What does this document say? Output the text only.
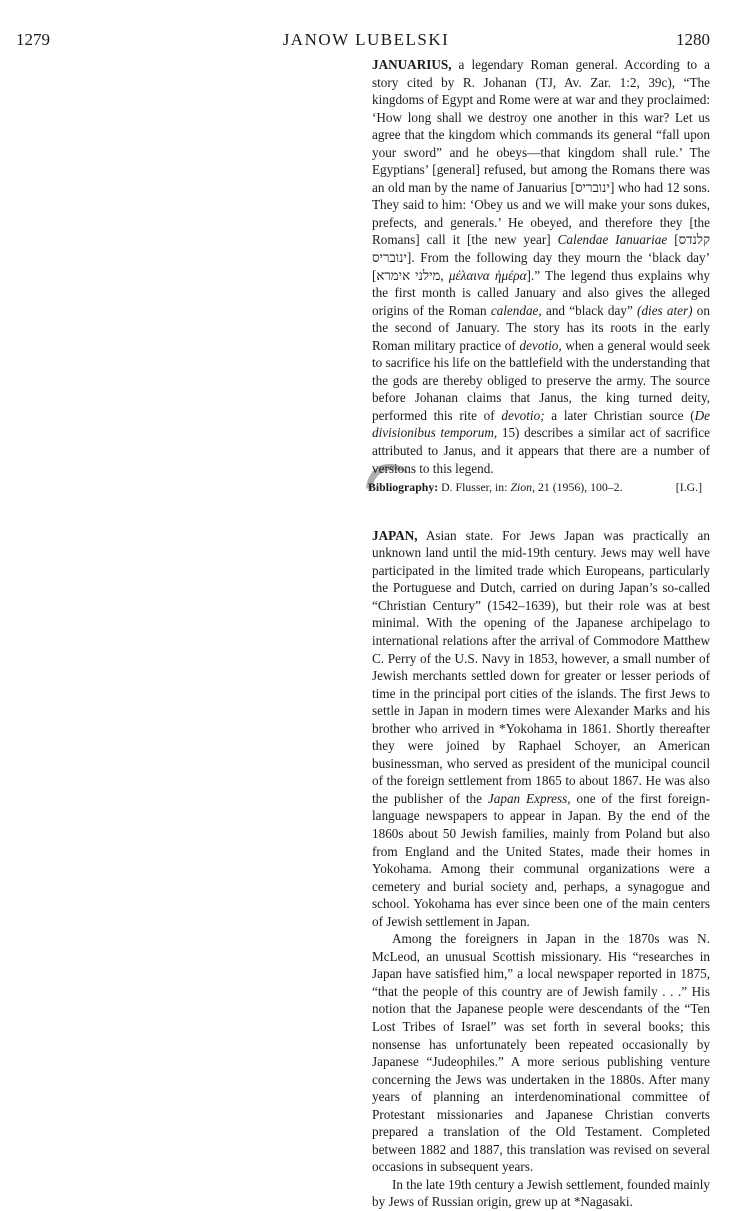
1279	JANOW LUBELSKI	1280

JANUARIUS, a legendary Roman general. According to a story cited by R. Johanan (TJ, Av. Zar. 1:2, 39c), “The kingdoms of Egypt and Rome were at war and they proclaimed: ‘How long shall we destroy one another in this war? Let us agree that the kingdom which commands its general “fall upon your sword” and he obeys—that kingdom shall rule.’ The Egyptians’ [general] refused, but among the Romans there was an old man by the name of Januarius [ינובריס] who had 12 sons. They said to him: ‘Obey us and we will make your sons dukes, prefects, and generals.’ He obeyed, and therefore they [the Romans] call it [the new year] Calendae Ianuariae [קלנדס ינובריס]. From the following day they mourn the ‘black day’ [מילני אימרא, μέλαινα ἡμέρα].” The legend thus explains why the first month is called January and also gives the alleged origins of the Roman calendae, and “black day” (dies ater) on the second of January. The story has its roots in the early Roman military practice of devotio, when a general would seek to sacrifice his life on the battlefield with the understanding that the gods are thereby obliged to preserve the army. The source before Johanan claims that Janus, the king turned deity, performed this rite of devotio; a later Christian source (De divisionibus temporum, 15) describes a similar act of sacrifice attributed to Janus, and it appears that there are a number of versions to this legend.

Bibliography: D. Flusser, in: Zion, 21 (1956), 100–2.	[I.G.]

JAPAN, Asian state. For Jews Japan was practically an unknown land until the mid-19th century. Jews may well have participated in the limited trade which Europeans, particularly the Portuguese and Dutch, carried on during Japan’s so-called “Christian Century” (1542–1639), but their role was at best minimal. With the opening of the Japanese archipelago to international relations after the arrival of Commodore Matthew C. Perry of the U.S. Navy in 1853, however, a small number of Jewish merchants settled down for greater or lesser periods of time in the principal port cities of the islands. The first Jews to settle in Japan in modern times were Alexander Marks and his brother who arrived in *Yokohama in 1861. Shortly thereafter they were joined by Raphael Schoyer, an American businessman, who served as president of the municipal council of the foreign settlement from 1865 to about 1867. He was also the publisher of the Japan Express, one of the first foreign-language newspapers to appear in Japan. By the end of the 1860s about 50 Jewish families, mainly from Poland but also from England and the United States, made their homes in Yokohama. Among their communal organizations were a cemetery and burial society and, perhaps, a synagogue and school. Yokohama has ever since been one of the main centers of Jewish settlement in Japan.

Among the foreigners in Japan in the 1870s was N. McLeod, an unusual Scottish missionary. His “researches in Japan have satisfied him,” a local newspaper reported in 1875, “that the people of this country are of Jewish family . . .” His notion that the Japanese people were descendants of the “Ten Lost Tribes of Israel” was set forth in several books; this nonsense has unfortunately been repeated occasionally by Japanese “Judeophiles.” A more serious publishing venture concerning the Jews was undertaken in the 1880s. After many years of planning an interdenominational committee of Protestant missionaries and Japanese Christian converts prepared a translation of the Old Testament. Completed between 1882 and 1887, this translation was revised on several occasions in subsequent years.

In the late 19th century a Jewish settlement, founded mainly by Jews of Russian origin, grew up at *Nagasaki.
